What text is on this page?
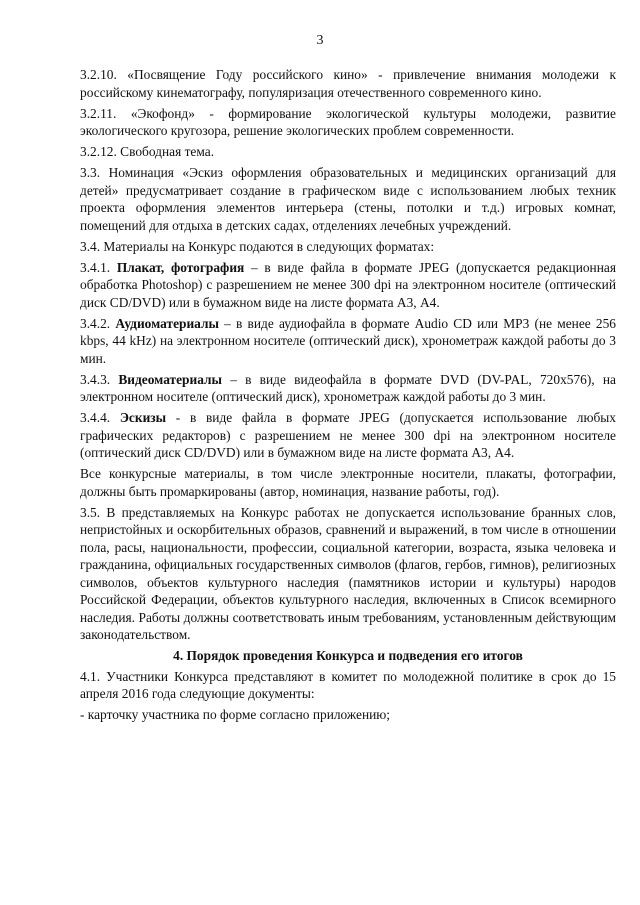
3

3.2.10. «Посвящение Году российского кино» - привлечение внимания молодежи к российскому кинематографу, популяризация отечественного современного кино.

3.2.11. «Экофонд» - формирование экологической культуры молодежи, развитие экологического кругозора, решение экологических проблем современности.

3.2.12. Свободная тема.

3.3. Номинация «Эскиз оформления образовательных и медицинских организаций для детей» предусматривает создание в графическом виде с использованием любых техник проекта оформления элементов интерьера (стены, потолки и т.д.) игровых комнат, помещений для отдыха в детских садах, отделениях лечебных учреждений.

3.4. Материалы на Конкурс подаются в следующих форматах:

3.4.1. Плакат, фотография – в виде файла в формате JPEG (допускается редакционная обработка Photoshop) с разрешением не менее 300 dpi на электронном носителе (оптический диск CD/DVD) или в бумажном виде на листе формата А3, А4.

3.4.2. Аудиоматериалы – в виде аудиофайла в формате Audio CD или MP3 (не менее 256 kbps, 44 kHz) на электронном носителе (оптический диск), хронометраж каждой работы до 3 мин.

3.4.3. Видеоматериалы – в виде видеофайла в формате DVD (DV-PAL, 720x576), на электронном носителе (оптический диск), хронометраж каждой работы до 3 мин.

3.4.4. Эскизы - в виде файла в формате JPEG (допускается использование любых графических редакторов) с разрешением не менее 300 dpi на электронном носителе (оптический диск CD/DVD) или в бумажном виде на листе формата А3, А4.

Все конкурсные материалы, в том числе электронные носители, плакаты, фотографии, должны быть промаркированы (автор, номинация, название работы, год).

3.5. В представляемых на Конкурс работах не допускается использование бранных слов, непристойных и оскорбительных образов, сравнений и выражений, в том числе в отношении пола, расы, национальности, профессии, социальной категории, возраста, языка человека и гражданина, официальных государственных символов (флагов, гербов, гимнов), религиозных символов, объектов культурного наследия (памятников истории и культуры) народов Российской Федерации, объектов культурного наследия, включенных в Список всемирного наследия. Работы должны соответствовать иным требованиям, установленным действующим законодательством.

4. Порядок проведения Конкурса и подведения его итогов

4.1. Участники Конкурса представляют в комитет по молодежной политике в срок до 15 апреля 2016 года следующие документы:

- карточку участника по форме согласно приложению;
